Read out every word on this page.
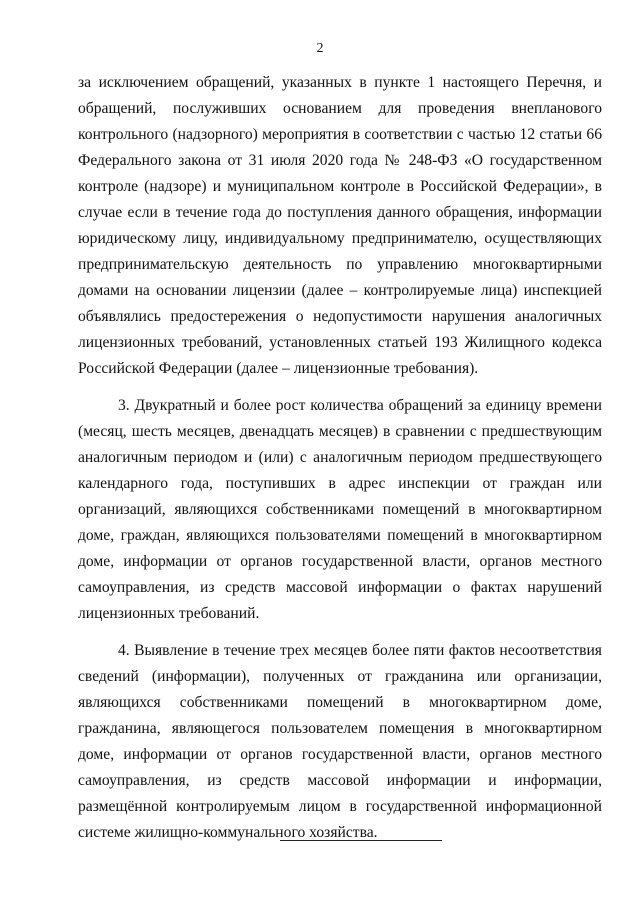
2

за исключением обращений, указанных в пункте 1 настоящего Перечня, и обращений, послуживших основанием для проведения внепланового контрольного (надзорного) мероприятия в соответствии с частью 12 статьи 66 Федерального закона от 31 июля 2020 года № 248-ФЗ «О государственном контроле (надзоре) и муниципальном контроле в Российской Федерации», в случае если в течение года до поступления данного обращения, информации юридическому лицу, индивидуальному предпринимателю, осуществляющих предпринимательскую деятельность по управлению многоквартирными домами на основании лицензии (далее – контролируемые лица) инспекцией объявлялись предостережения о недопустимости нарушения аналогичных лицензионных требований, установленных статьей 193 Жилищного кодекса Российской Федерации (далее – лицензионные требования).

3. Двукратный и более рост количества обращений за единицу времени (месяц, шесть месяцев, двенадцать месяцев) в сравнении с предшествующим аналогичным периодом и (или) с аналогичным периодом предшествующего календарного года, поступивших в адрес инспекции от граждан или организаций, являющихся собственниками помещений в многоквартирном доме, граждан, являющихся пользователями помещений в многоквартирном доме, информации от органов государственной власти, органов местного самоуправления, из средств массовой информации о фактах нарушений лицензионных требований.

4. Выявление в течение трех месяцев более пяти фактов несоответствия сведений (информации), полученных от гражданина или организации, являющихся собственниками помещений в многоквартирном доме, гражданина, являющегося пользователем помещения в многоквартирном доме, информации от органов государственной власти, органов местного самоуправления, из средств массовой информации и информации, размещённой контролируемым лицом в государственной информационной системе жилищно-коммунального хозяйства.
